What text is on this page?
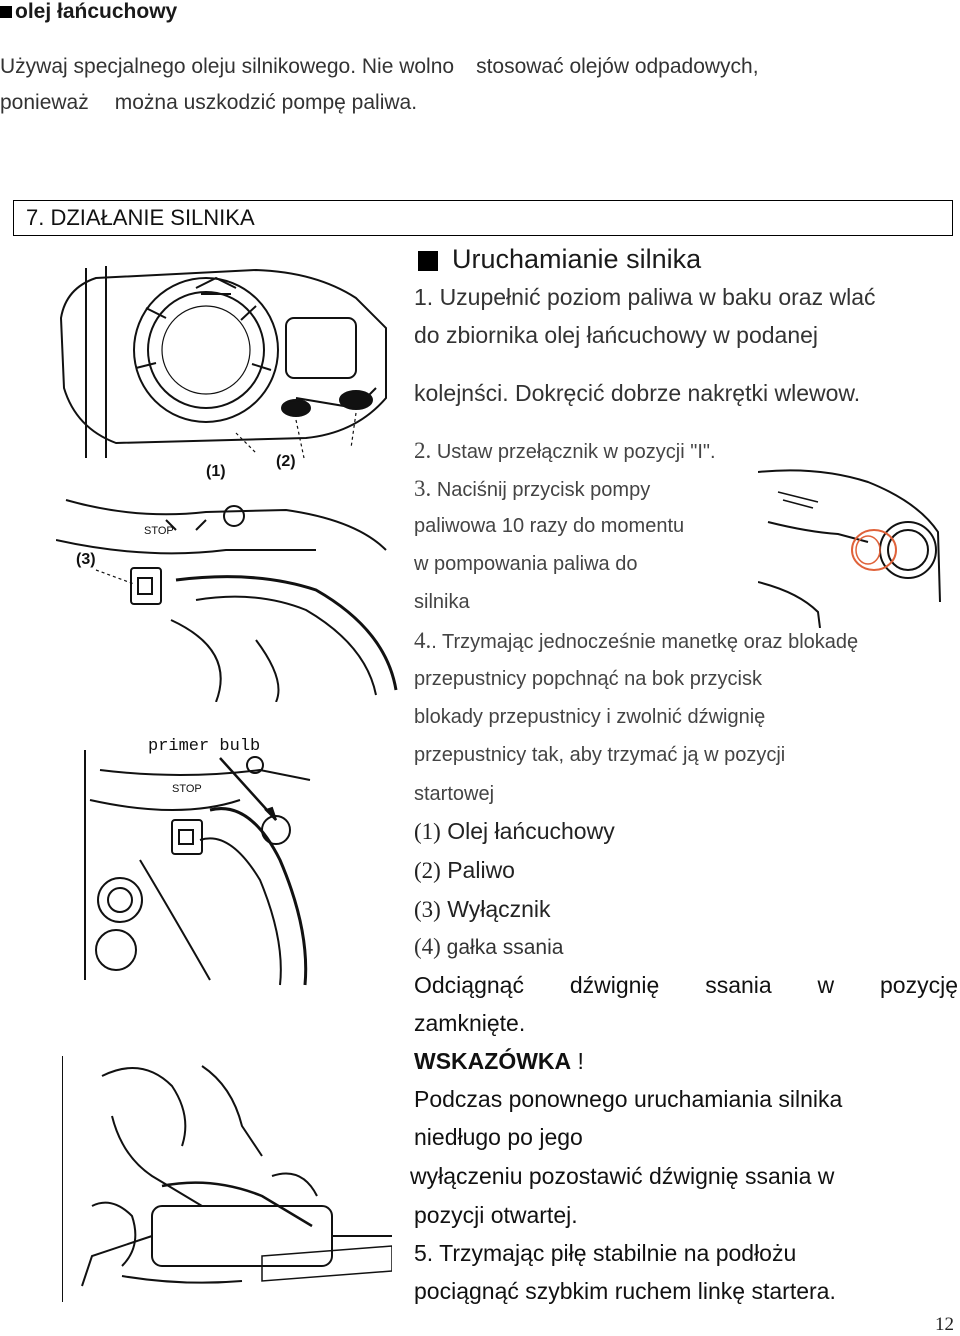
olej łańcuchowy
Używaj specjalnego oleju silnikowego. Nie wolno stosować olejów odpadowych,
ponieważ można uszkodzić pompę paliwa.
7. DZIAŁANIE SILNIKA
Uruchamianie silnika
1. Uzupełnić poziom paliwa w baku oraz wlać
do zbiornika olej łańcuchowy w podanej
kolejnści. Dokręcić dobrze nakrętki wlewow.
2. Ustaw przełącznik w pozycji "I".
3. Naciśnij przycisk pompy
paliwowa 10 razy do momentu
w pompowania paliwa do
silnika
4.. Trzymając jednocześnie manetkę oraz blokadę
przepustnicy popchnąć na bok przycisk
blokady przepustnicy i zwolnić dźwignię
przepustnicy tak, aby trzymać ją w pozycji
startowej
(1) Olej łańcuchowy
(2) Paliwo
(3) Wyłącznik
(4) gałka ssania
Odciągnąć dźwignię ssania w pozycję
zamknięte.
WSKAZÓWKA !
Podczas ponownego uruchamiania silnika
niedługo po jego
wyłączeniu pozostawić dźwignię ssania w
pozycji otwartej.
5. Trzymając piłę stabilnie na podłożu
pociągnąć szybkim ruchem linkę startera.
12
(1)
(2)
(3)
STOP
primer bulb
STOP
